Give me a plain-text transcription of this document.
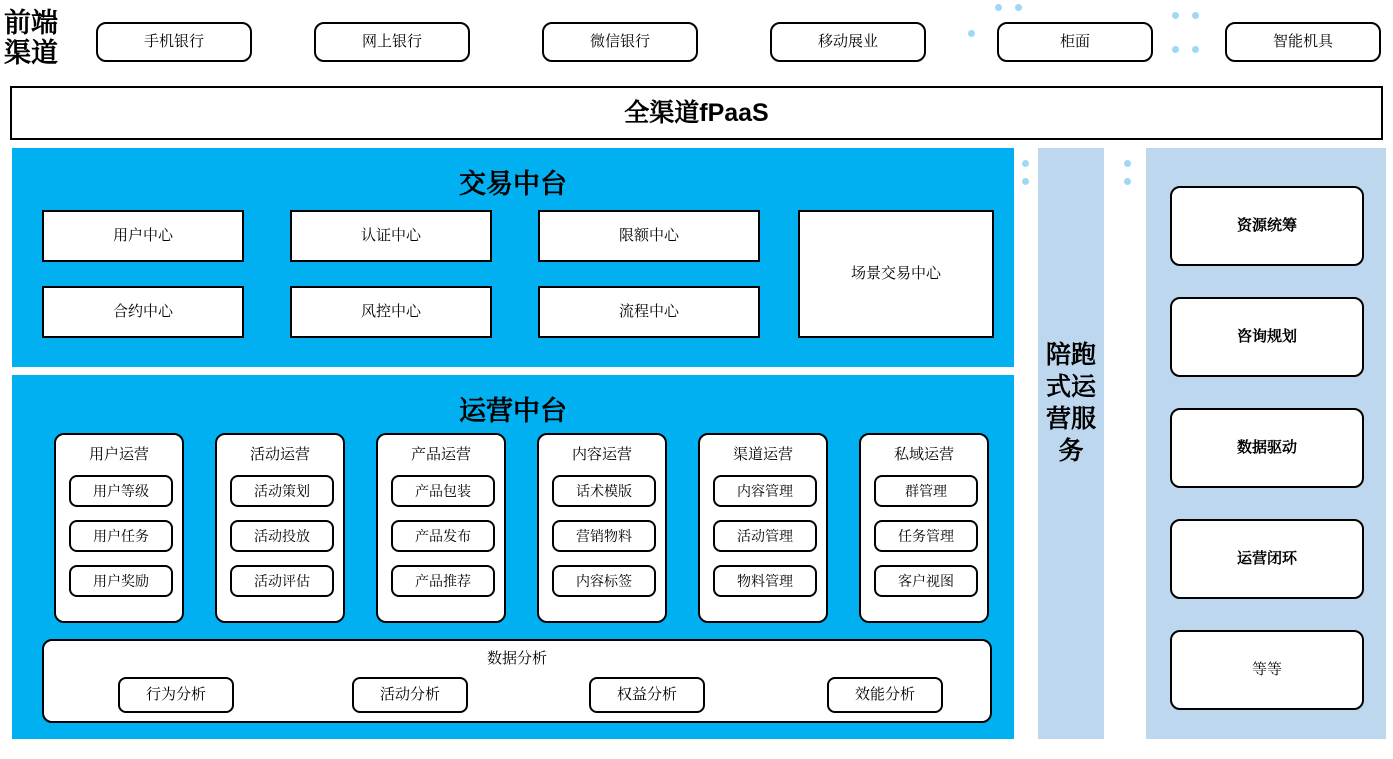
前端
渠道	手机银行	网上银行	微信银行	移动展业	柜面	智能机具
全渠道fPaaS
交易中台
用户中心	认证中心	限额中心
合约中心	风控中心	流程中心
场景交易中心
运营中台
用户运营
用户等级
用户任务
用户奖励
活动运营
活动策划
活动投放
活动评估
产品运营
产品包装
产品发布
产品推荐
内容运营
话术模版
营销物料
内容标签
渠道运营
内容管理
活动管理
物料管理
私域运营
群管理
任务管理
客户视图
数据分析
行为分析	活动分析	权益分析	效能分析
陪跑式运营服务
资源统筹
咨询规划
数据驱动
运营闭环
等等
